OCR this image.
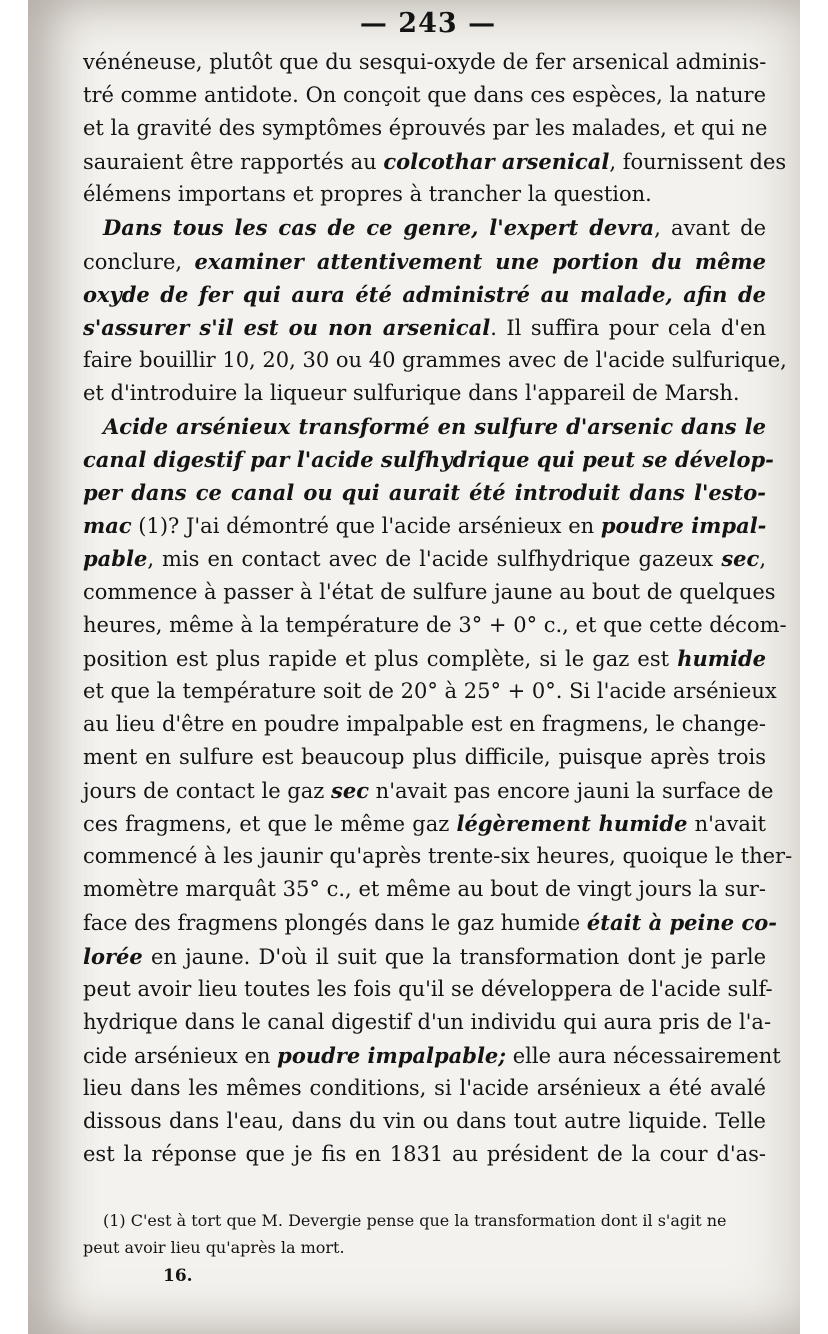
— 243 —
vénéneuse, plutôt que du sesqui-oxyde de fer arsenical adminis-
tré comme antidote. On conçoit que dans ces espèces, la nature
et la gravité des symptômes éprouvés par les malades, et qui ne
sauraient être rapportés au colcothar arsenical, fournissent des
élémens importans et propres à trancher la question.
Dans tous les cas de ce genre, l'expert devra, avant de
conclure, examiner attentivement une portion du même
oxyde de fer qui aura été administré au malade, afin de
s'assurer s'il est ou non arsenical. Il suffira pour cela d'en
faire bouillir 10, 20, 30 ou 40 grammes avec de l'acide sulfurique,
et d'introduire la liqueur sulfurique dans l'appareil de Marsh.
Acide arsénieux transformé en sulfure d'arsenic dans le
canal digestif par l'acide sulfhydrique qui peut se dévelop-
per dans ce canal ou qui aurait été introduit dans l'esto-
mac (1)? J'ai démontré que l'acide arsénieux en poudre impal-
pable, mis en contact avec de l'acide sulfhydrique gazeux sec,
commence à passer à l'état de sulfure jaune au bout de quelques
heures, même à la température de 3° + 0° c., et que cette décom-
position est plus rapide et plus complète, si le gaz est humide
et que la température soit de 20° à 25° + 0°. Si l'acide arsénieux
au lieu d'être en poudre impalpable est en fragmens, le change-
ment en sulfure est beaucoup plus difficile, puisque après trois
jours de contact le gaz sec n'avait pas encore jauni la surface de
ces fragmens, et que le même gaz légèrement humide n'avait
commencé à les jaunir qu'après trente-six heures, quoique le ther-
momètre marquât 35° c., et même au bout de vingt jours la sur-
face des fragmens plongés dans le gaz humide était à peine co-
lorée en jaune. D'où il suit que la transformation dont je parle
peut avoir lieu toutes les fois qu'il se développera de l'acide sulf-
hydrique dans le canal digestif d'un individu qui aura pris de l'a-
cide arsénieux en poudre impalpable; elle aura nécessairement
lieu dans les mêmes conditions, si l'acide arsénieux a été avalé
dissous dans l'eau, dans du vin ou dans tout autre liquide. Telle
est la réponse que je fis en 1831 au président de la cour d'as-
(1) C'est à tort que M. Devergie pense que la transformation dont il s'agit ne
peut avoir lieu qu'après la mort.
16.
